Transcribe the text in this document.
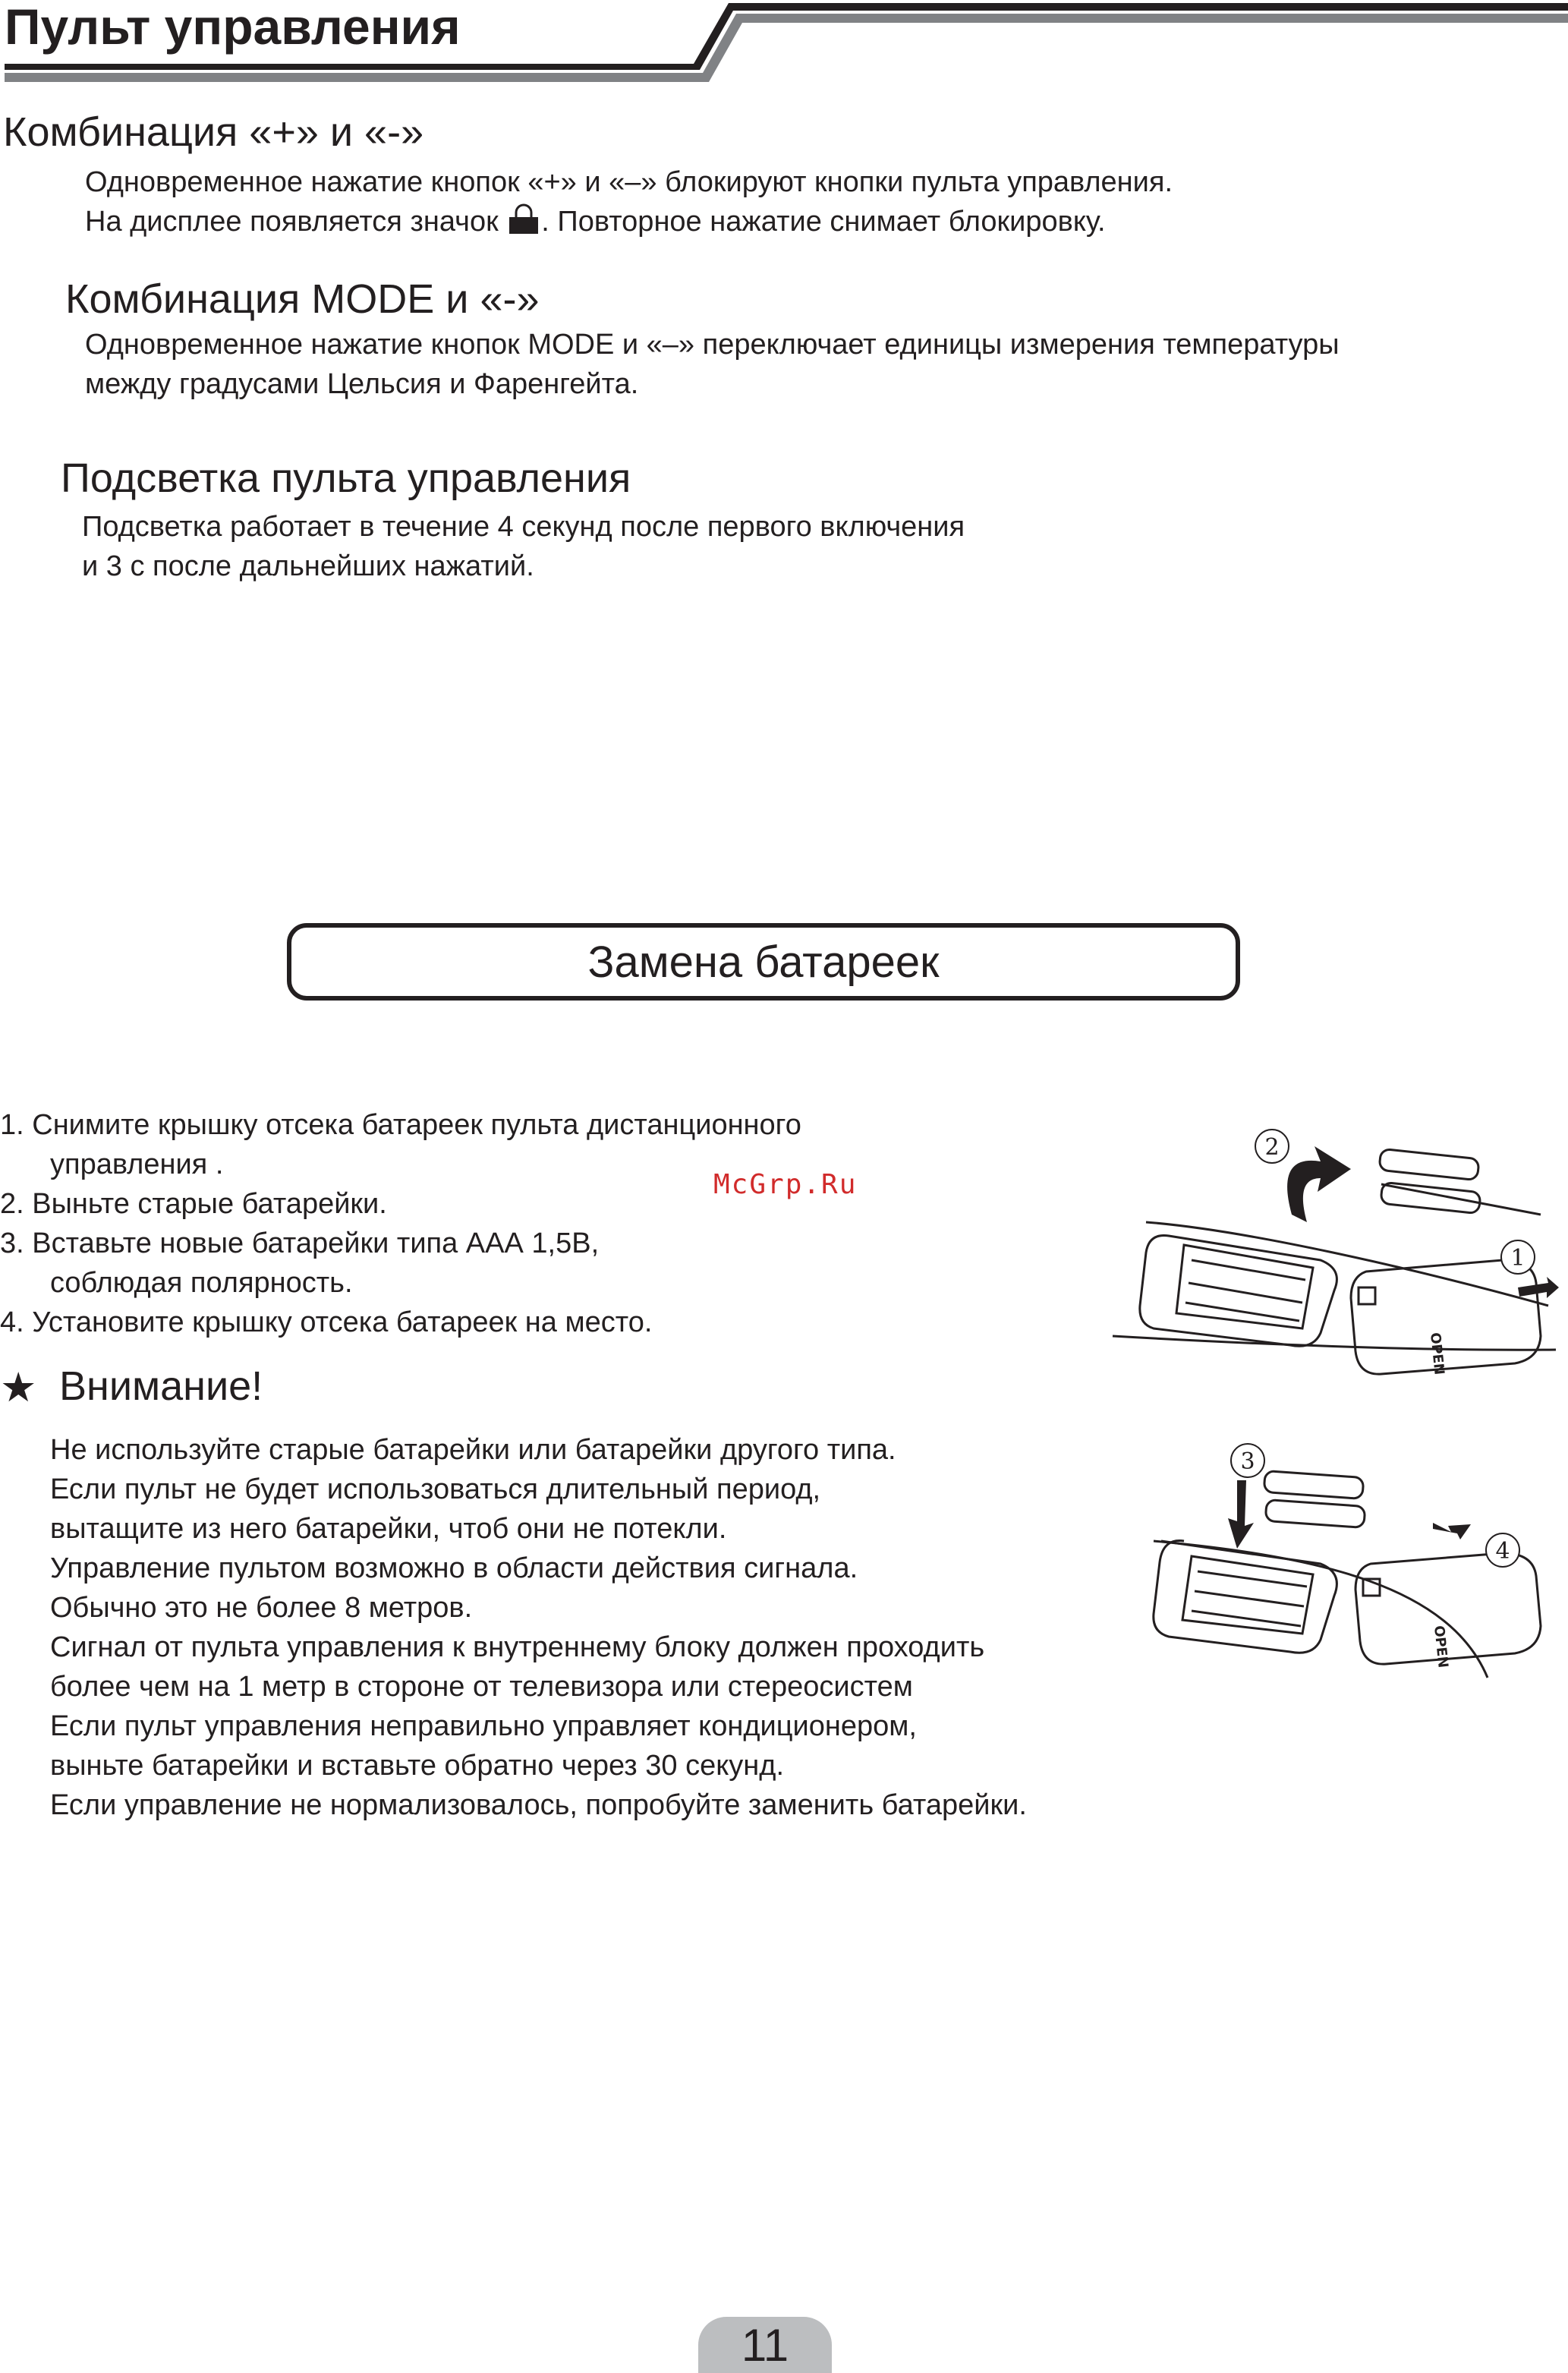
Пульт управления
Комбинация «+» и «-»
Одновременное нажатие кнопок «+» и «–» блокируют кнопки пульта управления.
На дисплее появляется значок . Повторное нажатие снимает блокировку.
Комбинация MODE и «-»
Одновременное нажатие кнопок MODE и «–» переключает единицы измерения температуры
между градусами Цельсия и Фаренгейта.
Подсветка пульта управления
Подсветка работает в течение 4 секунд после первого включения
и 3 с после дальнейших нажатий.
Замена батареек
1. Снимите крышку отсека батареек пульта дистанционного
управления .
2. Выньте старые батарейки.
3. Вставьте новые батарейки типа ААА 1,5В,
соблюдая полярность.
4. Установите крышку отсека батареек на место.
McGrp.Ru
★ Внимание!
Не используйте старые батарейки или батарейки другого типа.
Если пульт не будет использоваться длительный период,
вытащите из него батарейки, чтоб они не потекли.
Управление пультом возможно в области действия сигнала.
Обычно это не более 8 метров.
Сигнал от пульта управления к внутреннему блоку должен проходить
более чем на 1 метр в стороне от телевизора или стереосистем
Если пульт управления неправильно управляет кондиционером,
выньте батарейки и вставьте обратно через 30 секунд.
Если управление не нормализовалось, попробуйте заменить батарейки.
OPEN
2
1
OPEN
3
4
11
